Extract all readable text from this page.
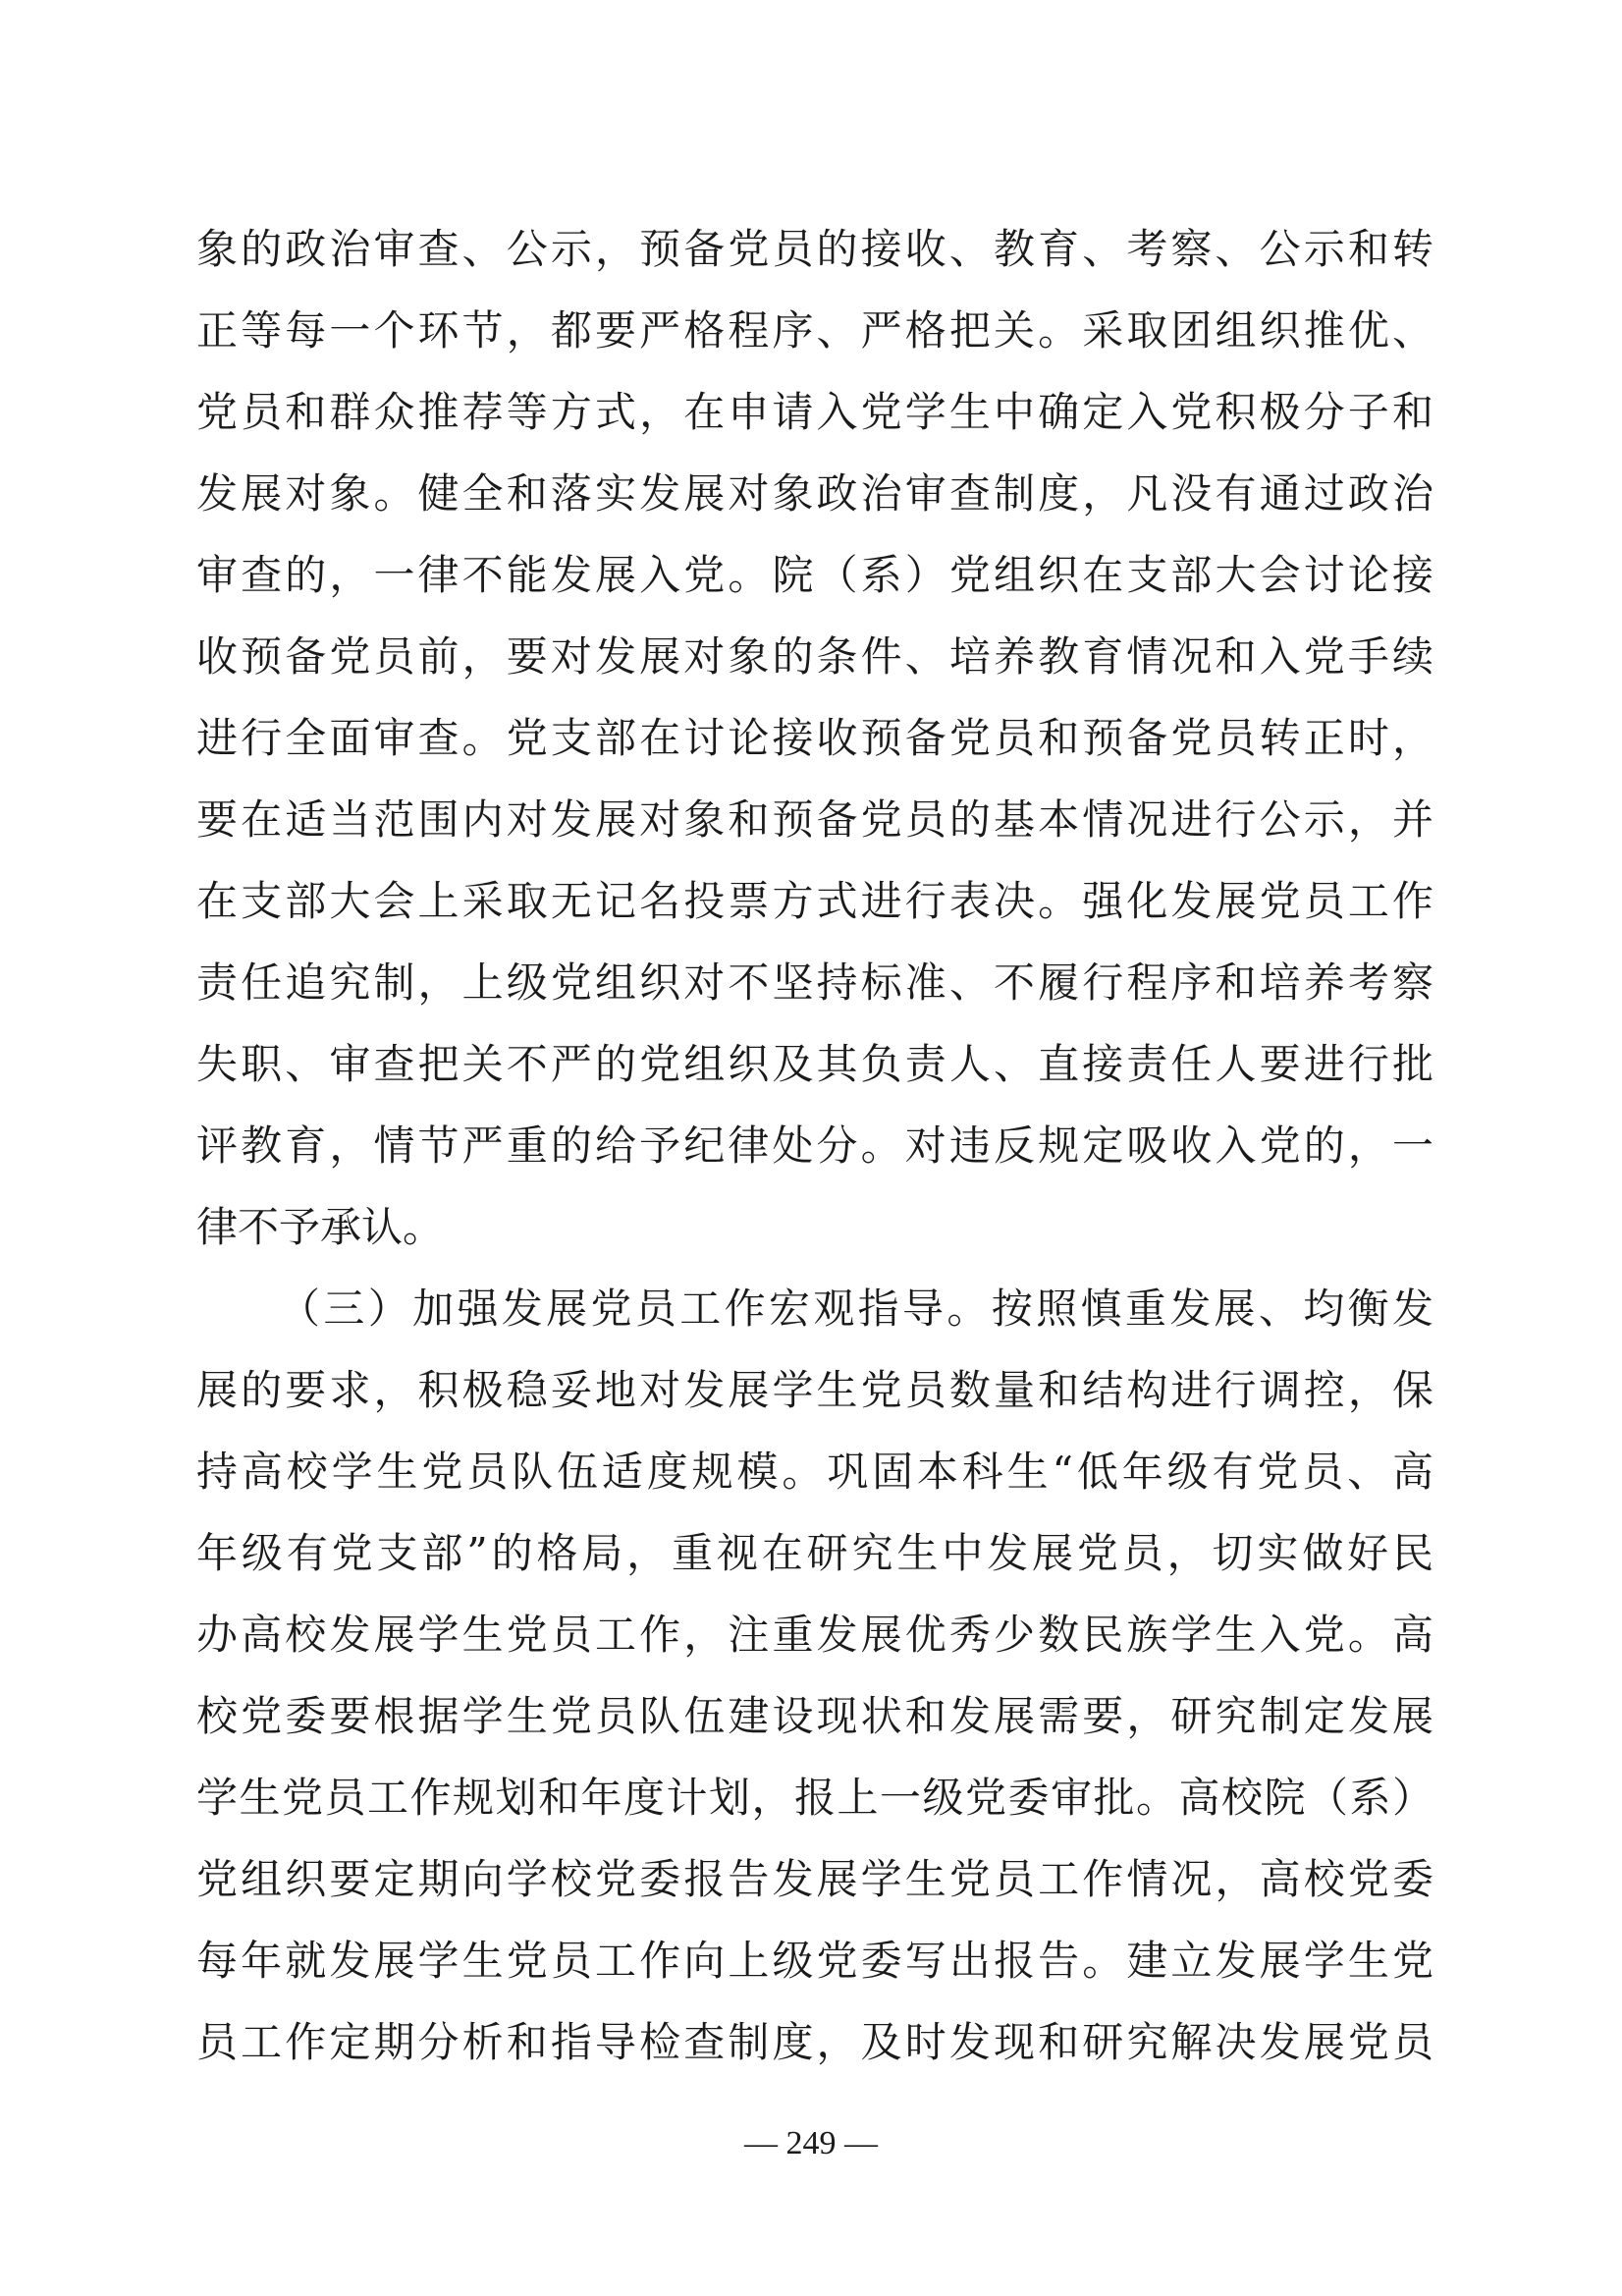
象的政治审查、公示，预备党员的接收、教育、考察、公示和转
正等每一个环节，都要严格程序、严格把关。采取团组织推优、
党员和群众推荐等方式，在申请入党学生中确定入党积极分子和
发展对象。健全和落实发展对象政治审查制度，凡没有通过政治
审查的，一律不能发展入党。院（系）党组织在支部大会讨论接
收预备党员前，要对发展对象的条件、培养教育情况和入党手续
进行全面审查。党支部在讨论接收预备党员和预备党员转正时，
要在适当范围内对发展对象和预备党员的基本情况进行公示，并
在支部大会上采取无记名投票方式进行表决。强化发展党员工作
责任追究制，上级党组织对不坚持标准、不履行程序和培养考察
失职、审查把关不严的党组织及其负责人、直接责任人要进行批
评教育，情节严重的给予纪律处分。对违反规定吸收入党的，一
律不予承认。
（三）加强发展党员工作宏观指导。按照慎重发展、均衡发
展的要求，积极稳妥地对发展学生党员数量和结构进行调控，保
持高校学生党员队伍适度规模。巩固本科生“低年级有党员、高
年级有党支部”的格局，重视在研究生中发展党员，切实做好民
办高校发展学生党员工作，注重发展优秀少数民族学生入党。高
校党委要根据学生党员队伍建设现状和发展需要，研究制定发展
学生党员工作规划和年度计划，报上一级党委审批。高校院（系）
党组织要定期向学校党委报告发展学生党员工作情况，高校党委
每年就发展学生党员工作向上级党委写出报告。建立发展学生党
员工作定期分析和指导检查制度，及时发现和研究解决发展党员
— 249 —
